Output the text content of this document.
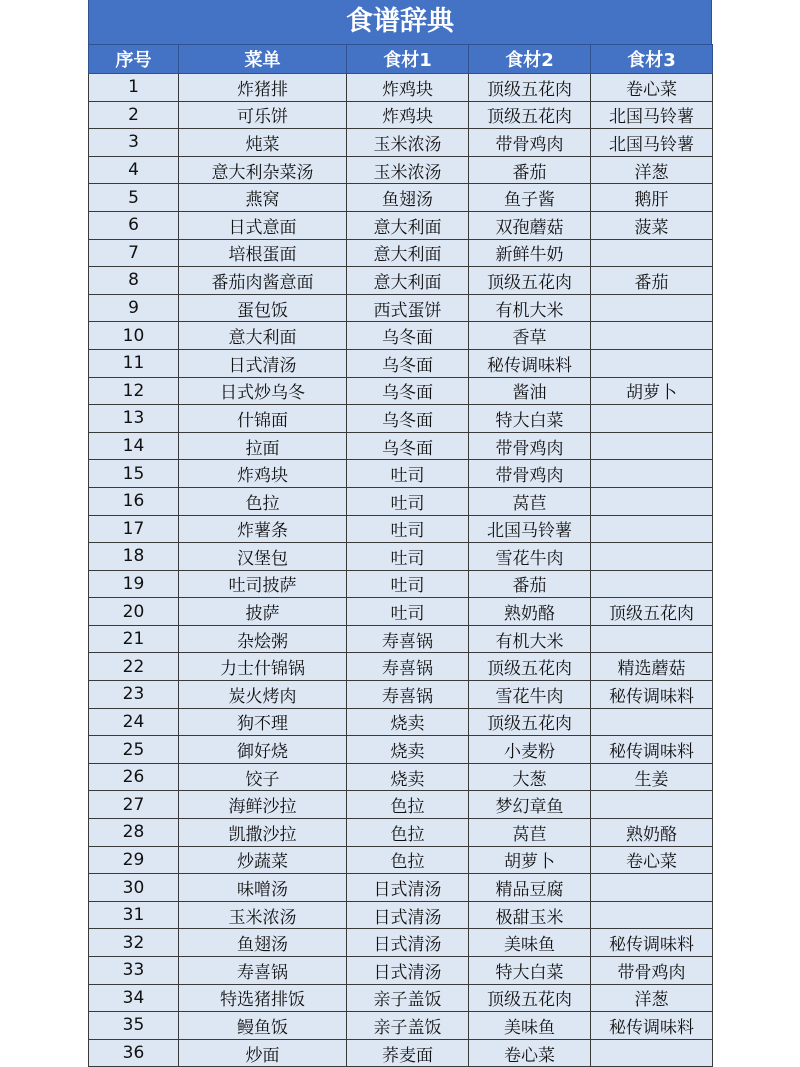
食谱辞典
序号	菜单	食材1	食材2	食材3
1	炸猪排	炸鸡块	顶级五花肉	卷心菜
2	可乐饼	炸鸡块	顶级五花肉	北国马铃薯
3	炖菜	玉米浓汤	带骨鸡肉	北国马铃薯
4	意大利杂菜汤	玉米浓汤	番茄	洋葱
5	燕窝	鱼翅汤	鱼子酱	鹅肝
6	日式意面	意大利面	双孢蘑菇	菠菜
7	培根蛋面	意大利面	新鲜牛奶	
8	番茄肉酱意面	意大利面	顶级五花肉	番茄
9	蛋包饭	西式蛋饼	有机大米	
10	意大利面	乌冬面	香草	
11	日式清汤	乌冬面	秘传调味料	
12	日式炒乌冬	乌冬面	酱油	胡萝卜
13	什锦面	乌冬面	特大白菜	
14	拉面	乌冬面	带骨鸡肉	
15	炸鸡块	吐司	带骨鸡肉	
16	色拉	吐司	莴苣	
17	炸薯条	吐司	北国马铃薯	
18	汉堡包	吐司	雪花牛肉	
19	吐司披萨	吐司	番茄	
20	披萨	吐司	熟奶酪	顶级五花肉
21	杂烩粥	寿喜锅	有机大米	
22	力士什锦锅	寿喜锅	顶级五花肉	精选蘑菇
23	炭火烤肉	寿喜锅	雪花牛肉	秘传调味料
24	狗不理	烧卖	顶级五花肉	
25	御好烧	烧卖	小麦粉	秘传调味料
26	饺子	烧卖	大葱	生姜
27	海鲜沙拉	色拉	梦幻章鱼	
28	凯撒沙拉	色拉	莴苣	熟奶酪
29	炒蔬菜	色拉	胡萝卜	卷心菜
30	味噌汤	日式清汤	精品豆腐	
31	玉米浓汤	日式清汤	极甜玉米	
32	鱼翅汤	日式清汤	美味鱼	秘传调味料
33	寿喜锅	日式清汤	特大白菜	带骨鸡肉
34	特选猪排饭	亲子盖饭	顶级五花肉	洋葱
35	鳗鱼饭	亲子盖饭	美味鱼	秘传调味料
36	炒面	荞麦面	卷心菜	
